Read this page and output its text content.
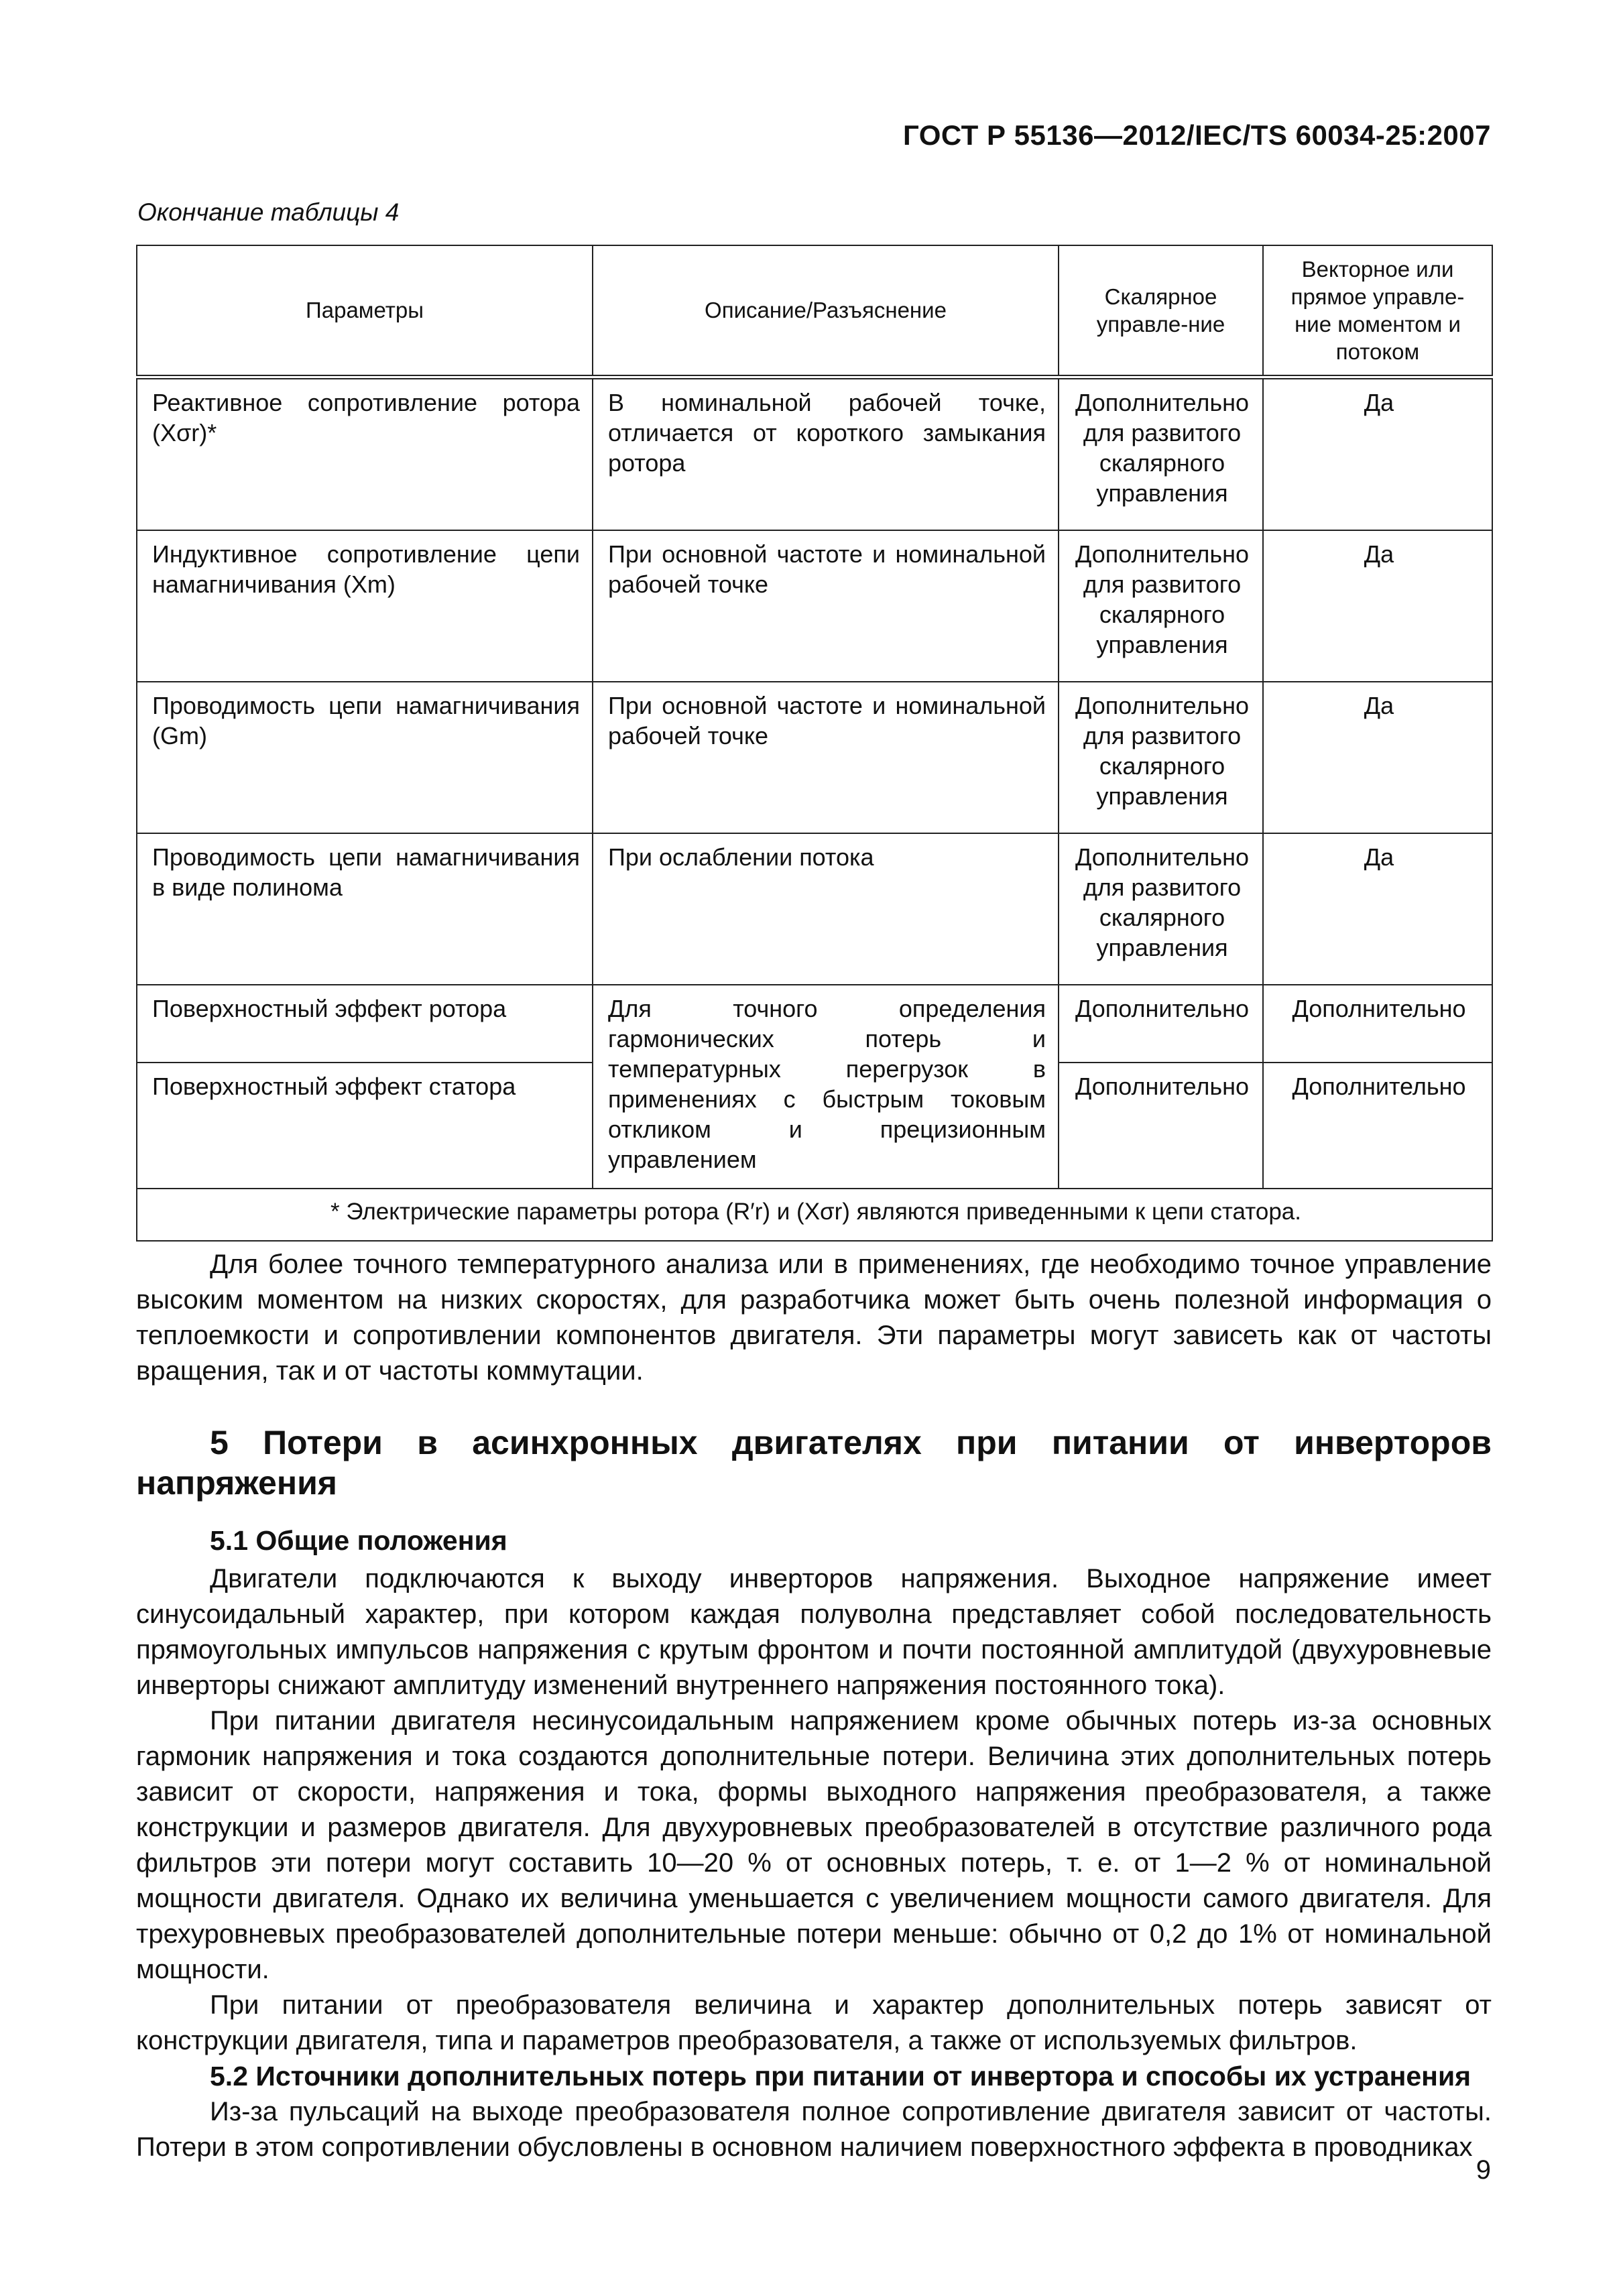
ГОСТ Р 55136—2012/IEC/TS 60034-25:2007
Окончание таблицы 4
Параметры	Описание/Разъяснение	Скалярное управле-ние	Векторное или прямое управле-ние моментом и потоком
Реактивное сопротивление ротора (Xσr)*	В номинальной рабочей точке, отличается от короткого замыкания ротора	Дополнительно для развитого скалярного управления	Да
Индуктивное сопротивление цепи намагничивания (Xm)	При основной частоте и номинальной рабочей точке	Дополнительно для развитого скалярного управления	Да
Проводимость цепи намагничивания (Gm)	При основной частоте и номинальной рабочей точке	Дополнительно для развитого скалярного управления	Да
Проводимость цепи намагничивания в виде полинома	При ослаблении потока	Дополнительно для развитого скалярного управления	Да
Поверхностный эффект ротора	Для точного определения гармонических потерь и температурных перегрузок в применениях с быстрым токовым откликом и прецизионным управлением	Дополнительно	Дополнительно
Поверхностный эффект статора		Дополнительно	Дополнительно
* Электрические параметры ротора (R′r) и (Xσr) являются приведенными к цепи статора.			

Для более точного температурного анализа или в применениях, где необходимо точное управление высоким моментом на низких скоростях, для разработчика может быть очень полезной информация о теплоемкости и сопротивлении компонентов двигателя. Эти параметры могут зависеть как от частоты вращения, так и от частоты коммутации.

5 Потери в асинхронных двигателях при питании от инверторов напряжения
5.1 Общие положения

Двигатели подключаются к выходу инверторов напряжения. Выходное напряжение имеет синусоидальный характер, при котором каждая полуволна представляет собой последовательность прямоугольных импульсов напряжения с крутым фронтом и почти постоянной амплитудой (двухуровневые инверторы снижают амплитуду изменений внутреннего напряжения постоянного тока).

При питании двигателя несинусоидальным напряжением кроме обычных потерь из-за основных гармоник напряжения и тока создаются дополнительные потери. Величина этих дополнительных потерь зависит от скорости, напряжения и тока, формы выходного напряжения преобразователя, а также конструкции и размеров двигателя. Для двухуровневых преобразователей в отсутствие различного рода фильтров эти потери могут составить 10—20 % от основных потерь, т. е. от 1—2 % от номинальной мощности двигателя. Однако их величина уменьшается с увеличением мощности самого двигателя. Для трехуровневых преобразователей дополнительные потери меньше: обычно от 0,2 до 1% от номинальной мощности.

При питании от преобразователя величина и характер дополнительных потерь зависят от конструкции двигателя, типа и параметров преобразователя, а также от используемых фильтров.

5.2 Источники дополнительных потерь при питании от инвертора и способы их устранения

Из-за пульсаций на выходе преобразователя полное сопротивление двигателя зависит от частоты. Потери в этом сопротивлении обусловлены в основном наличием поверхностного эффекта в проводниках

9
